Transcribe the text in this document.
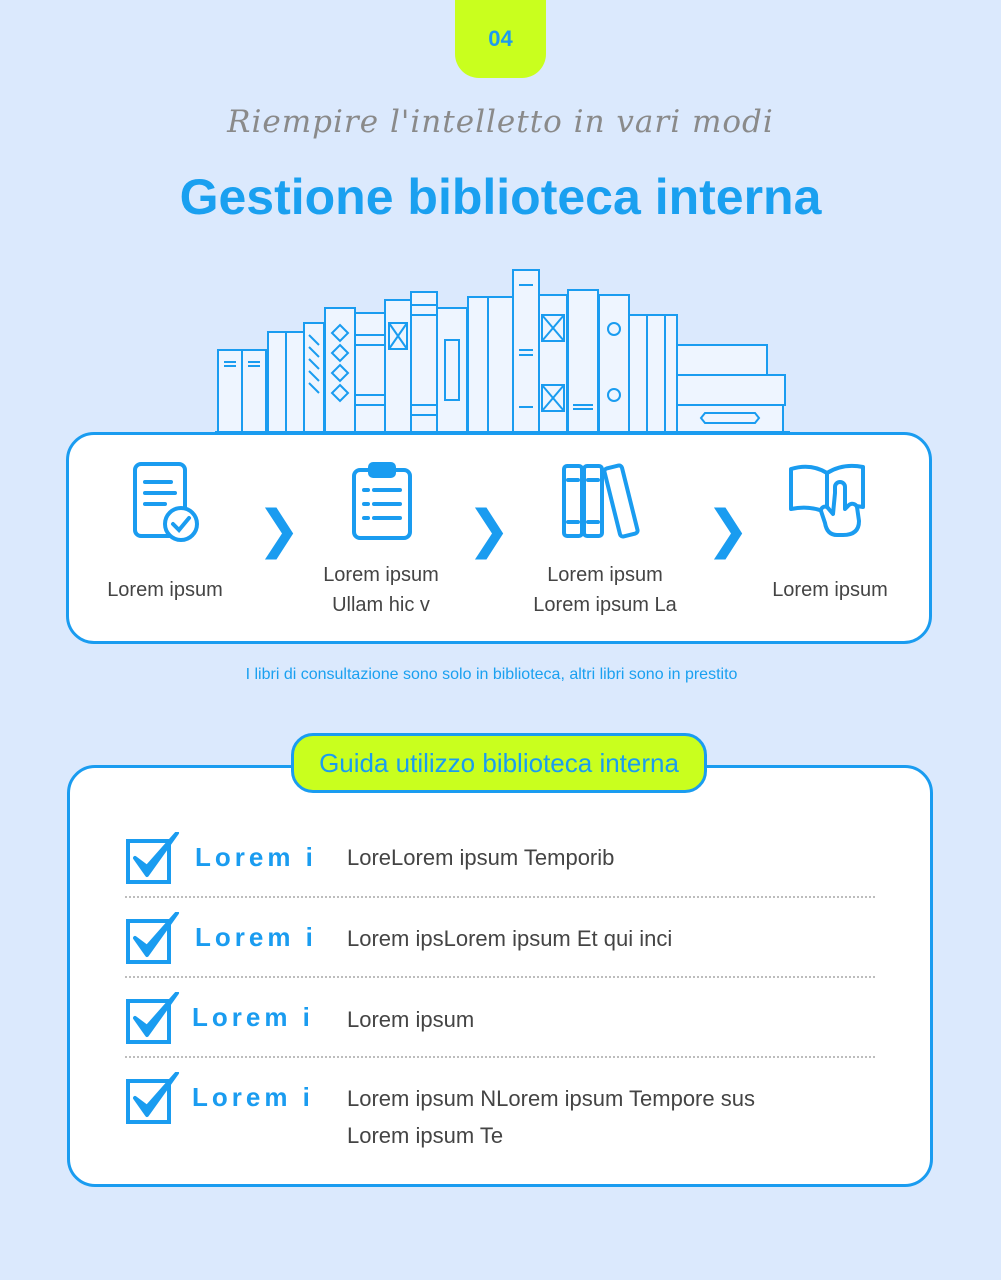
04
Riempire l'intelletto in vari modi
Gestione biblioteca interna
Lorem ipsum
❯
Lorem ipsum
Ullam hic v
❯
Lorem ipsum
Lorem ipsum La
❯
Lorem ipsum
I libri di consultazione sono solo in biblioteca, altri libri sono in prestito
Guida utilizzo biblioteca interna
Lorem i LoreLorem ipsum Temporib
Lorem i Lorem ipsLorem ipsum Et qui inci
Lorem i Lorem ipsum
Lorem i Lorem ipsum NLorem ipsum Tempore sus Lorem ipsum Te
